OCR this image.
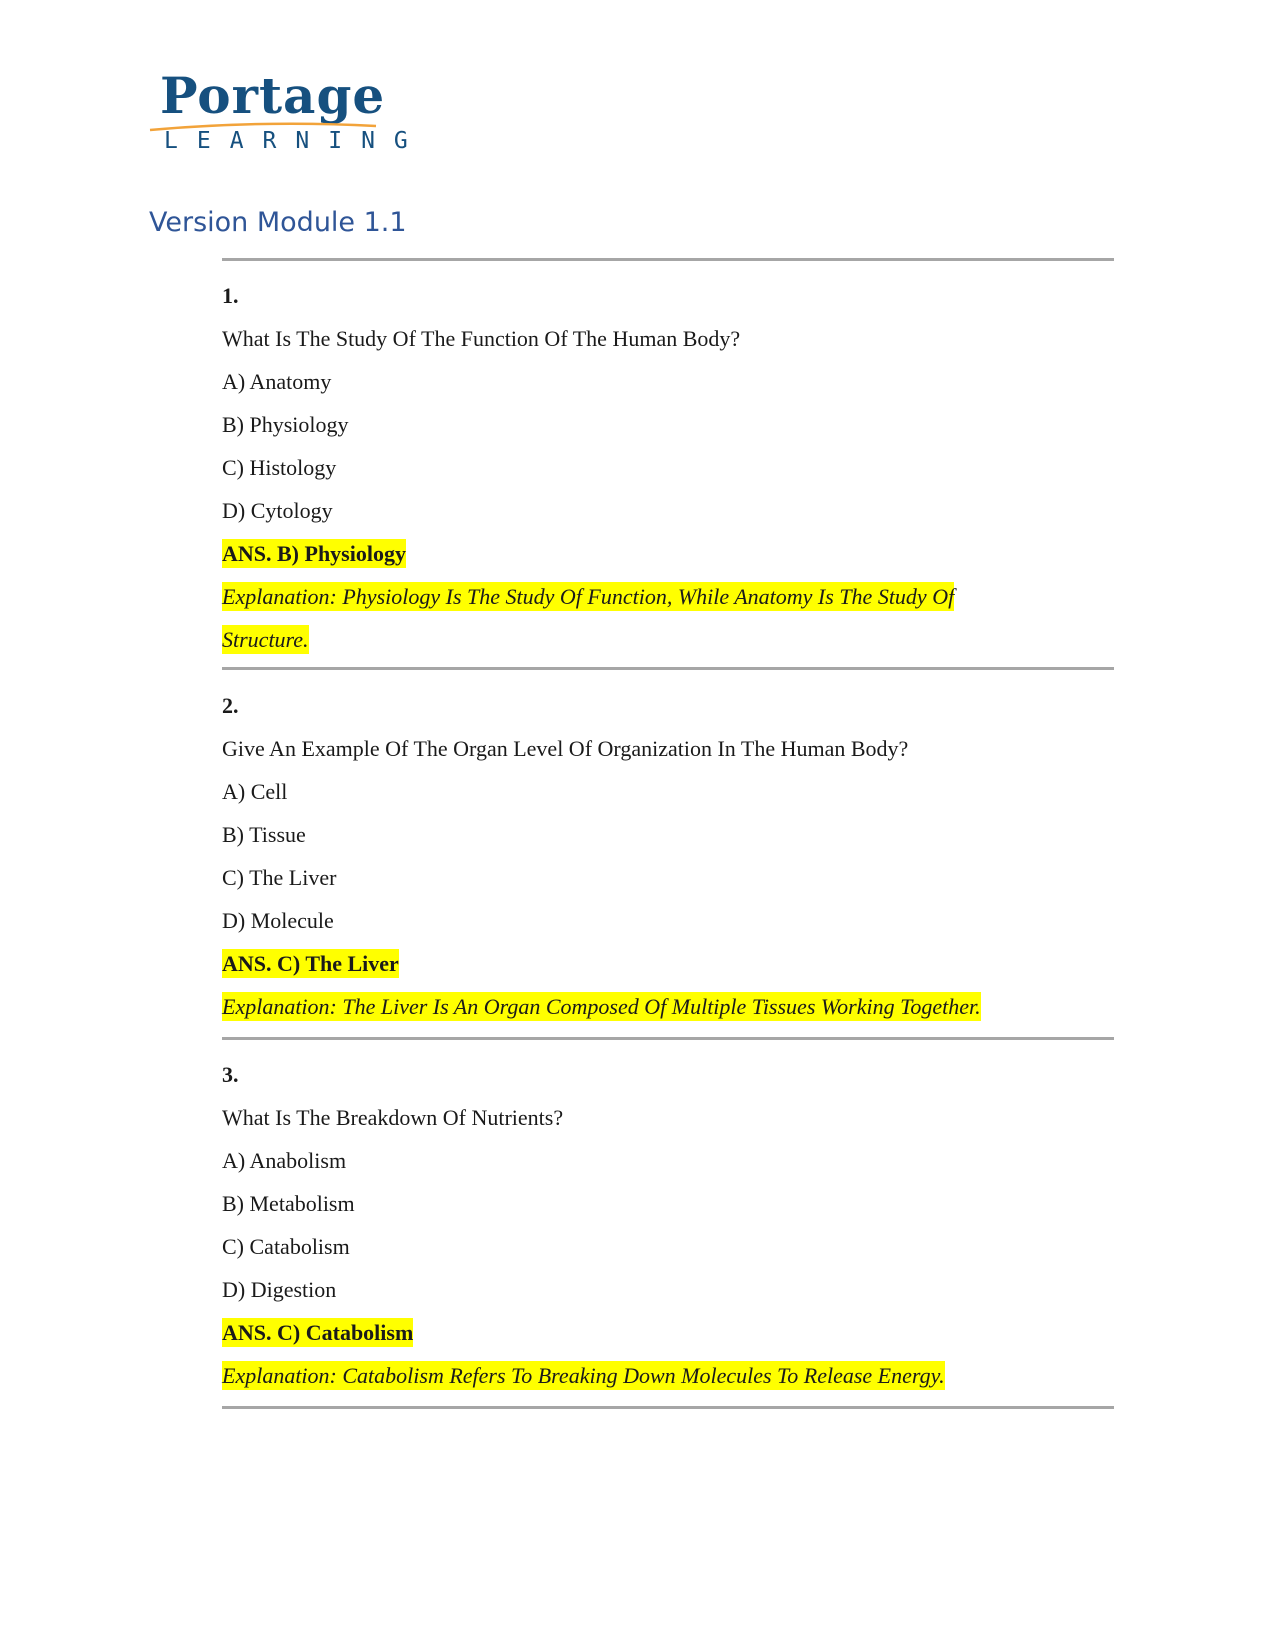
Portage
LEARNING
Version Module 1.1
1.
What Is The Study Of The Function Of The Human Body?
A) Anatomy
B) Physiology
C) Histology
D) Cytology
ANS. B) Physiology
Explanation: Physiology Is The Study Of Function, While Anatomy Is The Study Of
Structure.
2.
Give An Example Of The Organ Level Of Organization In The Human Body?
A) Cell
B) Tissue
C) The Liver
D) Molecule
ANS. C) The Liver
Explanation: The Liver Is An Organ Composed Of Multiple Tissues Working Together.
3.
What Is The Breakdown Of Nutrients?
A) Anabolism
B) Metabolism
C) Catabolism
D) Digestion
ANS. C) Catabolism
Explanation: Catabolism Refers To Breaking Down Molecules To Release Energy.
